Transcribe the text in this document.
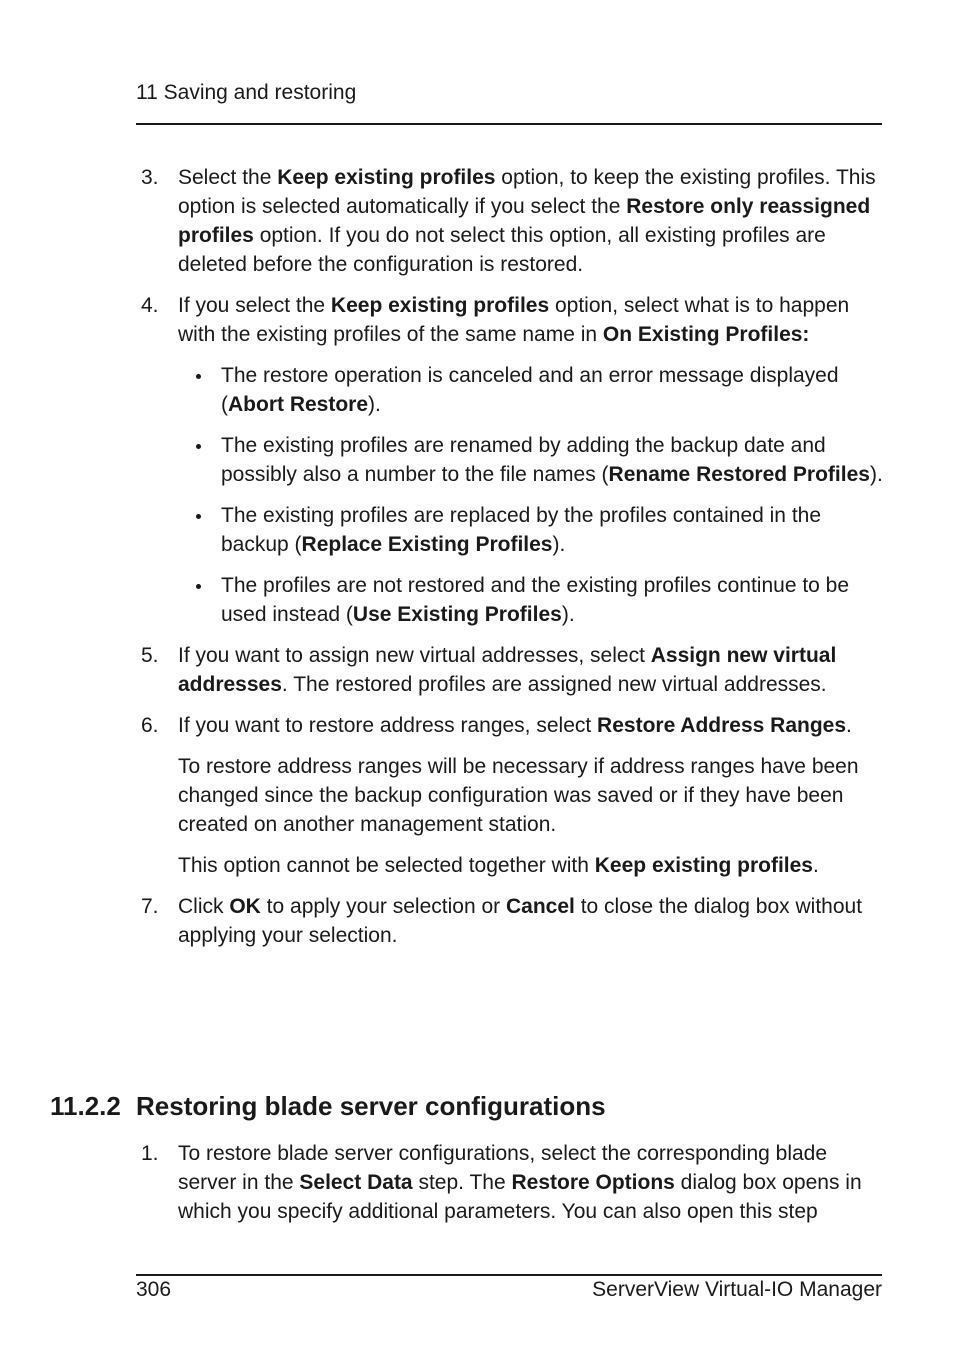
11 Saving and restoring
3. Select the Keep existing profiles option, to keep the existing profiles. This option is selected automatically if you select the Restore only reassigned profiles option. If you do not select this option, all existing profiles are deleted before the configuration is restored.

4. If you select the Keep existing profiles option, select what is to happen with the existing profiles of the same name in On Existing Profiles:

The restore operation is canceled and an error message displayed (Abort Restore).
The existing profiles are renamed by adding the backup date and possibly also a number to the file names (Rename Restored Profiles).
The existing profiles are replaced by the profiles contained in the backup (Replace Existing Profiles).
The profiles are not restored and the existing profiles continue to be used instead (Use Existing Profiles).
5. If you want to assign new virtual addresses, select Assign new virtual addresses. The restored profiles are assigned new virtual addresses.

6. If you want to restore address ranges, select Restore Address Ranges.

To restore address ranges will be necessary if address ranges have been changed since the backup configuration was saved or if they have been created on another management station.

This option cannot be selected together with Keep existing profiles.

7. Click OK to apply your selection or Cancel to close the dialog box without applying your selection.

11.2.2 Restoring blade server configurations
1. To restore blade server configurations, select the corresponding blade server in the Select Data step. The Restore Options dialog box opens in which you specify additional parameters. You can also open this step

306	ServerView Virtual-IO Manager
